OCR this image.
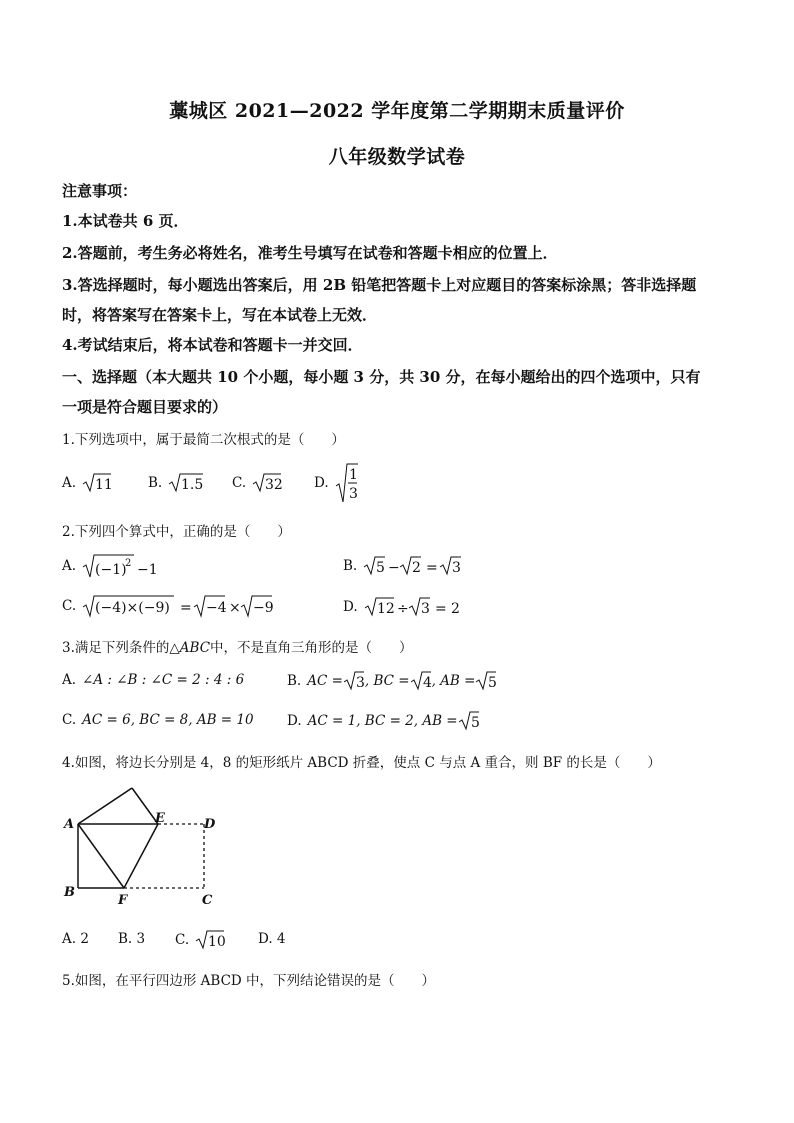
藁城区 2021—2022 学年度第二学期期末质量评价
八年级数学试卷
注意事项：
1.本试卷共 6 页．
2.答题前，考生务必将姓名，准考生号填写在试卷和答题卡相应的位置上．
3.答选择题时，每小题选出答案后，用 2B 铅笔把答题卡上对应题目的答案标涂黑；答非选择题
时，将答案写在答案卡上，写在本试卷上无效．
4.考试结束后，将本试卷和答题卡一并交回．
一、选择题（本大题共 10 个小题，每小题 3 分，共 30 分，在每小题给出的四个选项中，只有
一项是符合题目要求的）
1.下列选项中，属于最简二次根式的是（　　）
A. 11	B. 1.5 C. 32 D. 1
3
2.下列四个算式中，正确的是（　　）
A. (−1)
2 −1	B. 5 − 2 = 3
C. (−4)×(−9) = −4 × −9	D. 12 ÷ 3 = 2
3.满足下列条件的△ABC中，不是直角三角形的是（　　）
A. ∠A : ∠B : ∠C = 2 : 4 : 6	B. AC = 3 , BC = 4 , AB = 5
C. AC = 6, BC = 8, AB = 10 D. AC = 1, BC = 2, AB = 5
4.如图，将边长分别是 4，8 的矩形纸片 ABCD 折叠，使点 C 与点 A 重合，则 BF 的长是（　　）
A	E	D
B
F	C
A. 2 B. 3 C. 10 D. 4
5.如图，在平行四边形 ABCD 中，下列结论错误的是（　　）
